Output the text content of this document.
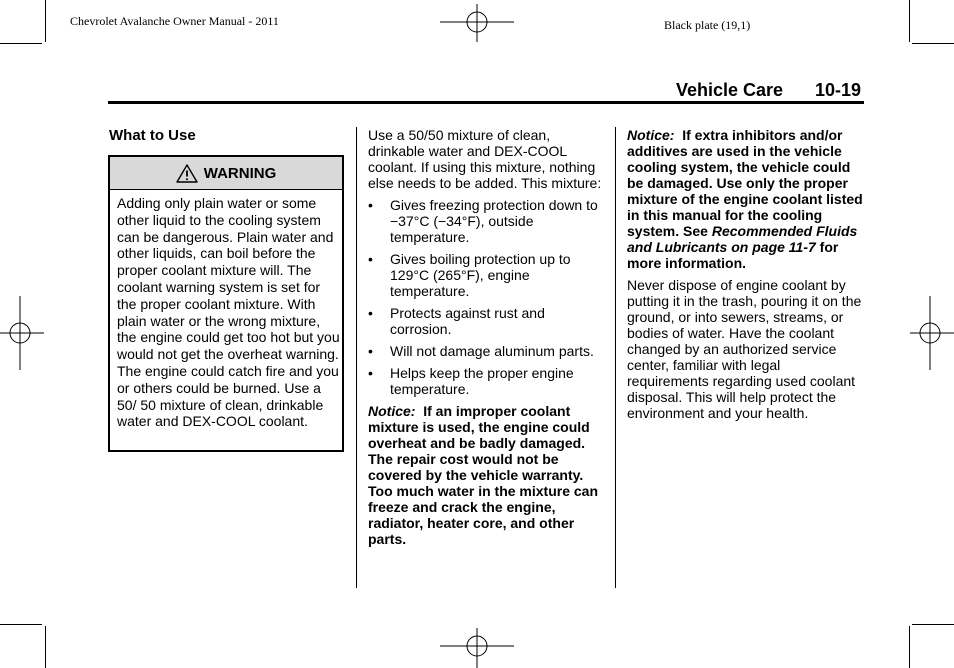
Chevrolet Avalanche Owner Manual - 2011	Black plate (19,1)
Vehicle Care 10-19
What to Use
WARNING
Adding only plain water or some other liquid to the cooling system can be dangerous. Plain water and other liquids, can boil before the proper coolant mixture will. The coolant warning system is set for the proper coolant mixture. With plain water or the wrong mixture, the engine could get too hot but you would not get the overheat warning. The engine could catch fire and you or others could be burned. Use a 50/ 50 mixture of clean, drinkable water and DEX-COOL coolant.

Use a 50/50 mixture of clean, drinkable water and DEX-COOL coolant. If using this mixture, nothing else needs to be added. This mixture:

• Gives freezing protection down to −37°C (−34°F), outside temperature.
• Gives boiling protection up to 129°C (265°F), engine temperature.
• Protects against rust and corrosion.
• Will not damage aluminum parts.
• Helps keep the proper engine temperature.

Notice: If an improper coolant mixture is used, the engine could overheat and be badly damaged. The repair cost would not be covered by the vehicle warranty. Too much water in the mixture can freeze and crack the engine, radiator, heater core, and other parts.

Notice: If extra inhibitors and/or additives are used in the vehicle cooling system, the vehicle could be damaged. Use only the proper mixture of the engine coolant listed in this manual for the cooling system. See Recommended Fluids and Lubricants on page 11-7 for more information.

Never dispose of engine coolant by putting it in the trash, pouring it on the ground, or into sewers, streams, or bodies of water. Have the coolant changed by an authorized service center, familiar with legal requirements regarding used coolant disposal. This will help protect the environment and your health.
